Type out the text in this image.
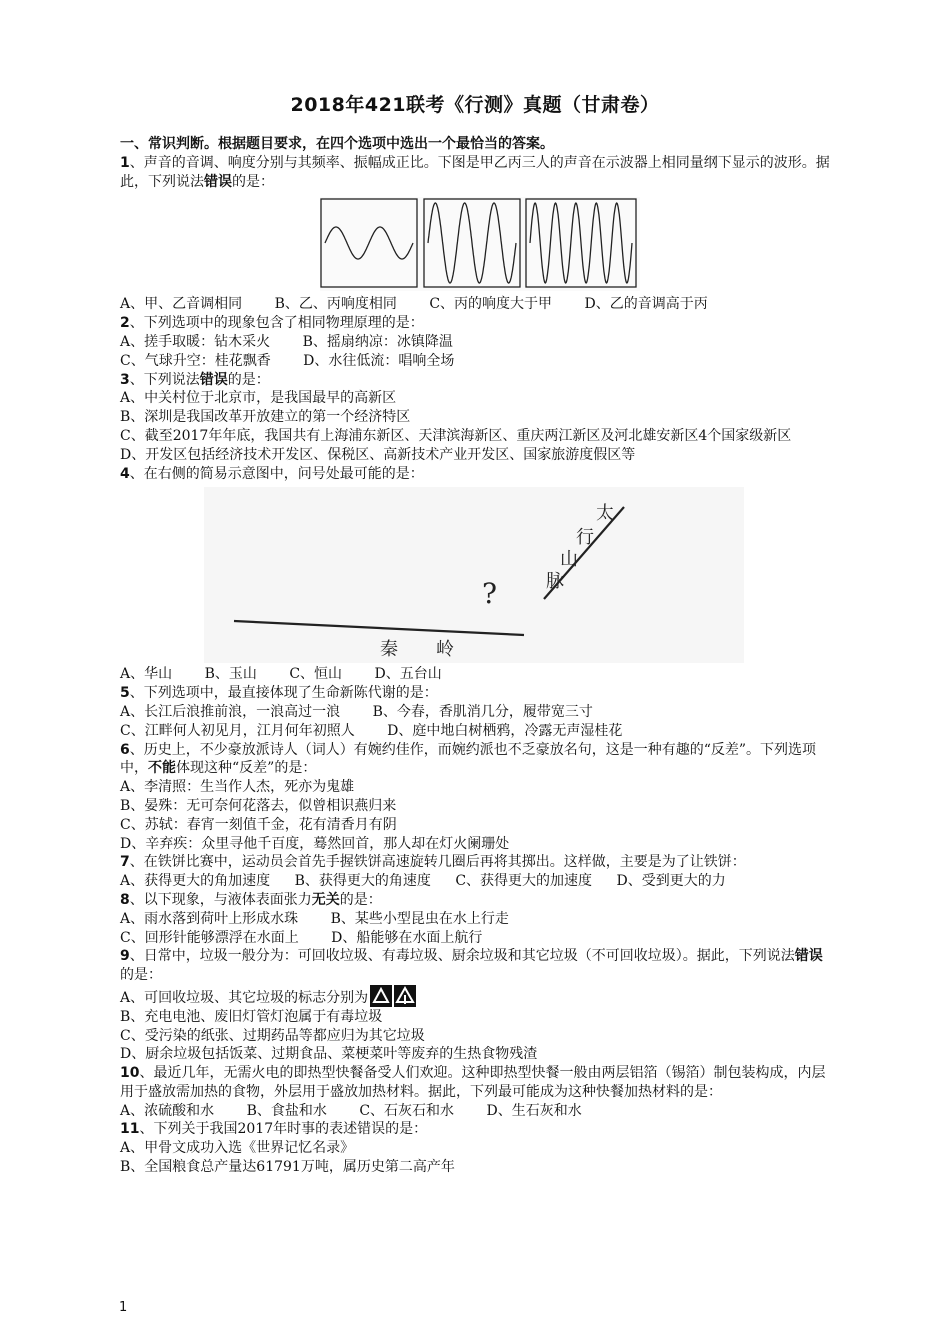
2018年421联考《行测》真题（甘肃卷）
一、常识判断。根据题目要求，在四个选项中选出一个最恰当的答案。
1、声音的音调、响度分别与其频率、振幅成正比。下图是甲乙丙三人的声音在示波器上相同量纲下显示的波形。据此，下列说法错误的是：
A、甲、乙音调相同 B、乙、丙响度相同 C、丙的响度大于甲 D、乙的音调高于丙
2、下列选项中的现象包含了相同物理原理的是：
A、搓手取暖：钻木采火 B、摇扇纳凉：冰镇降温
C、气球升空：桂花飘香 D、水往低流：唱响全场
3、下列说法错误的是：
A、中关村位于北京市，是我国最早的高新区
B、深圳是我国改革开放建立的第一个经济特区
C、截至2017年年底，我国共有上海浦东新区、天津滨海新区、重庆两江新区及河北雄安新区4个国家级新区
D、开发区包括经济技术开发区、保税区、高新技术产业开发区、国家旅游度假区等
4、在右侧的简易示意图中，问号处最可能的是：
太
行
山
脉
秦 岭
?
A、华山 B、玉山 C、恒山 D、五台山
5、下列选项中，最直接体现了生命新陈代谢的是：
A、长江后浪推前浪，一浪高过一浪 B、今春，香肌消几分，履带宽三寸
C、江畔何人初见月，江月何年初照人 D、庭中地白树栖鸦，冷露无声湿桂花
6、历史上，不少豪放派诗人（词人）有婉约佳作，而婉约派也不乏豪放名句，这是一种有趣的“反差”。下列选项中，不能体现这种“反差”的是：
A、李清照：生当作人杰，死亦为鬼雄
B、晏殊：无可奈何花落去，似曾相识燕归来
C、苏轼：春宵一刻值千金，花有清香月有阴
D、辛弃疾：众里寻他千百度，蓦然回首，那人却在灯火阑珊处
7、在铁饼比赛中，运动员会首先手握铁饼高速旋转几圈后再将其掷出。这样做，主要是为了让铁饼：
A、获得更大的角加速度 B、获得更大的角速度 C、获得更大的加速度 D、受到更大的力
8、以下现象，与液体表面张力无关的是：
A、雨水落到荷叶上形成水珠 B、某些小型昆虫在水上行走
C、回形针能够漂浮在水面上 D、船能够在水面上航行
9、日常中，垃圾一般分为：可回收垃圾、有毒垃圾、厨余垃圾和其它垃圾（不可回收垃圾）。据此，下列说法错误的是：
A、可回收垃圾、其它垃圾的标志分别为
B、充电电池、废旧灯管灯泡属于有毒垃圾
C、受污染的纸张、过期药品等都应归为其它垃圾
D、厨余垃圾包括饭菜、过期食品、菜梗菜叶等废弃的生热食物残渣
10、最近几年，无需火电的即热型快餐备受人们欢迎。这种即热型快餐一般由两层铝箔（锡箔）制包装构成，内层用于盛放需加热的食物，外层用于盛放加热材料。据此，下列最可能成为这种快餐加热材料的是：
A、浓硫酸和水 B、食盐和水 C、石灰石和水 D、生石灰和水
11、下列关于我国2017年时事的表述错误的是：
A、甲骨文成功入选《世界记忆名录》
B、全国粮食总产量达61791万吨，属历史第二高产年
1
